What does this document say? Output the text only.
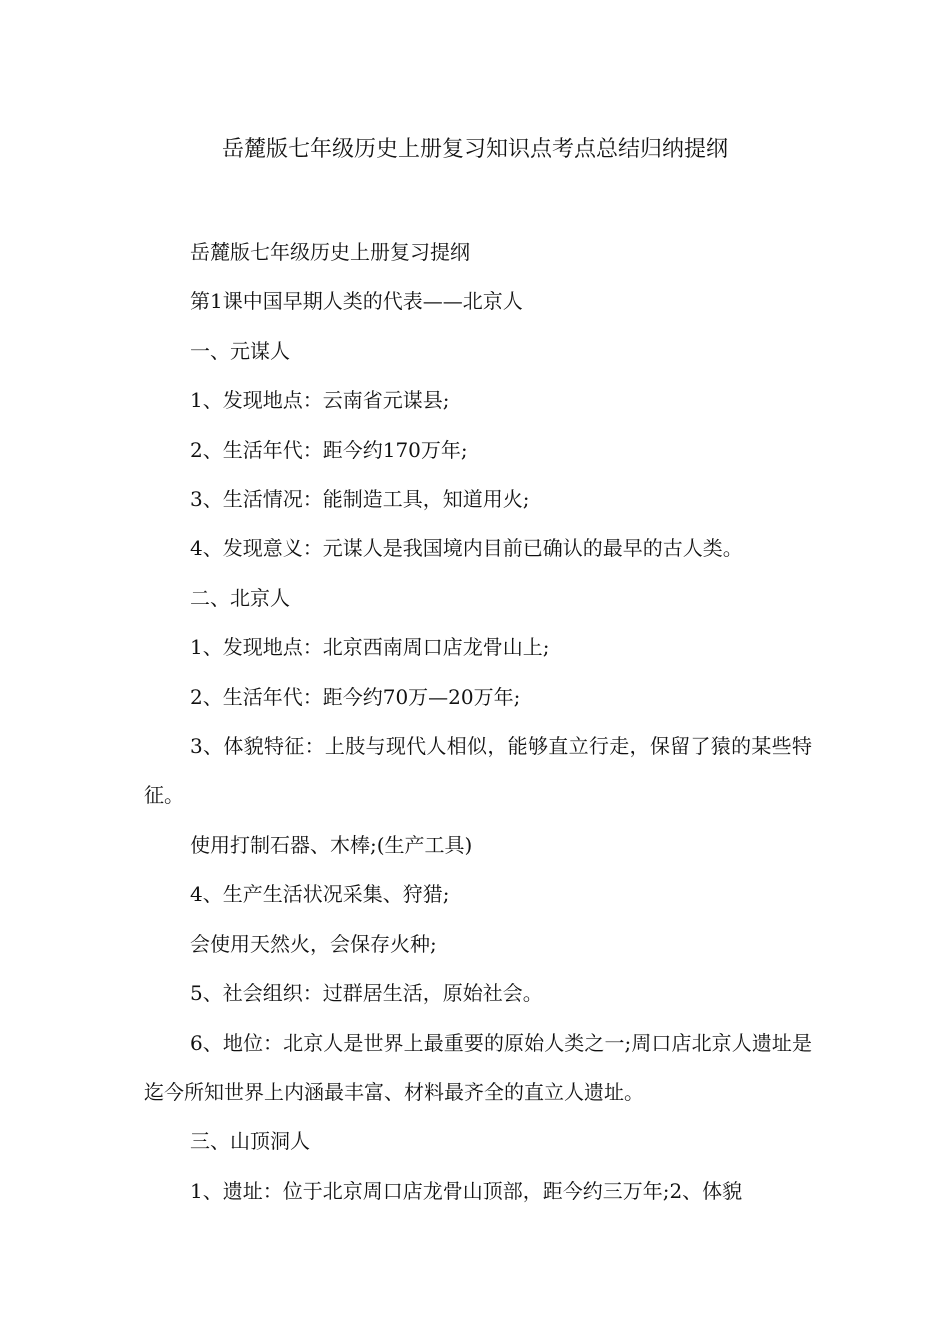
岳麓版七年级历史上册复习知识点考点总结归纳提纲

岳麓版七年级历史上册复习提纲

第1课中国早期人类的代表——北京人

一、元谋人

1、发现地点：云南省元谋县;

2、生活年代：距今约170万年;

3、生活情况：能制造工具，知道用火;

4、发现意义：元谋人是我国境内目前已确认的最早的古人类。

二、北京人

1、发现地点：北京西南周口店龙骨山上;

2、生活年代：距今约70万—20万年;

3、体貌特征：上肢与现代人相似，能够直立行走，保留了猿的某些特征。

使用打制石器、木棒;(生产工具)

4、生产生活状况采集、狩猎;

会使用天然火，会保存火种;

5、社会组织：过群居生活，原始社会。

6、地位：北京人是世界上最重要的原始人类之一;周口店北京人遗址是迄今所知世界上内涵最丰富、材料最齐全的直立人遗址。

三、山顶洞人

1、遗址：位于北京周口店龙骨山顶部，距今约三万年;2、体貌
